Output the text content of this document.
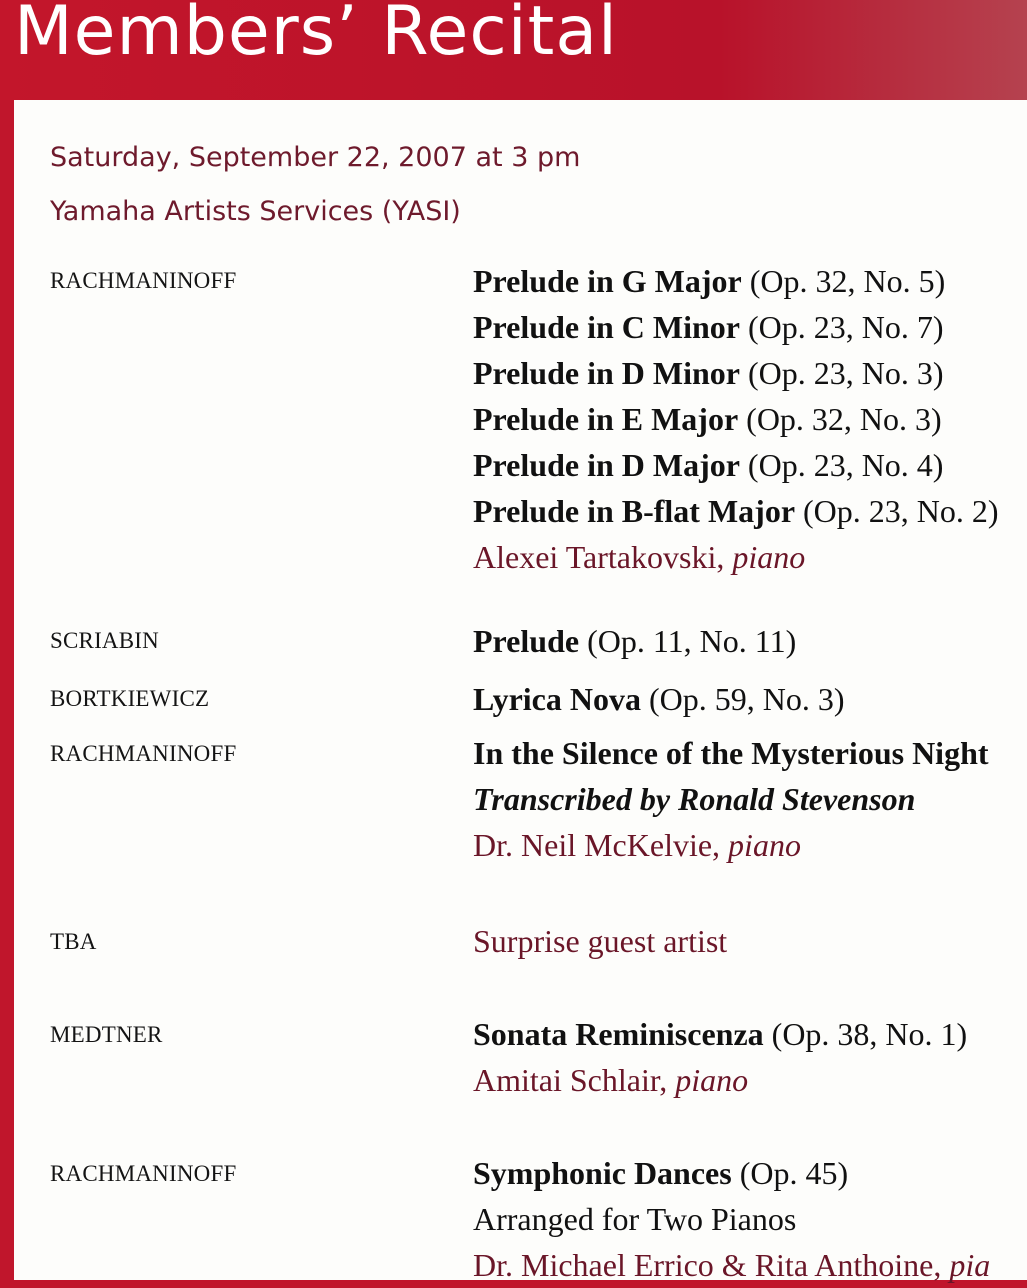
Members’ Recital
Saturday, September 22, 2007 at 3 pm
Yamaha Artists Services (YASI)
RACHMANINOFF	Prelude in G Major (Op. 32, No. 5)
Prelude in C Minor (Op. 23, No. 7)
Prelude in D Minor (Op. 23, No. 3)
Prelude in E Major (Op. 32, No. 3)
Prelude in D Major (Op. 23, No. 4)
Prelude in B-flat Major (Op. 23, No. 2)
Alexei Tartakovski, piano
SCRIABIN	Prelude (Op. 11, No. 11)
BORTKIEWICZ	Lyrica Nova (Op. 59, No. 3)
RACHMANINOFF	In the Silence of the Mysterious Night
Transcribed by Ronald Stevenson
Dr. Neil McKelvie, piano
TBA	Surprise guest artist
MEDTNER	Sonata Reminiscenza (Op. 38, No. 1)
Amitai Schlair, piano
RACHMANINOFF	Symphonic Dances (Op. 45)
Arranged for Two Pianos
Dr. Michael Errico & Rita Anthoine, pia
